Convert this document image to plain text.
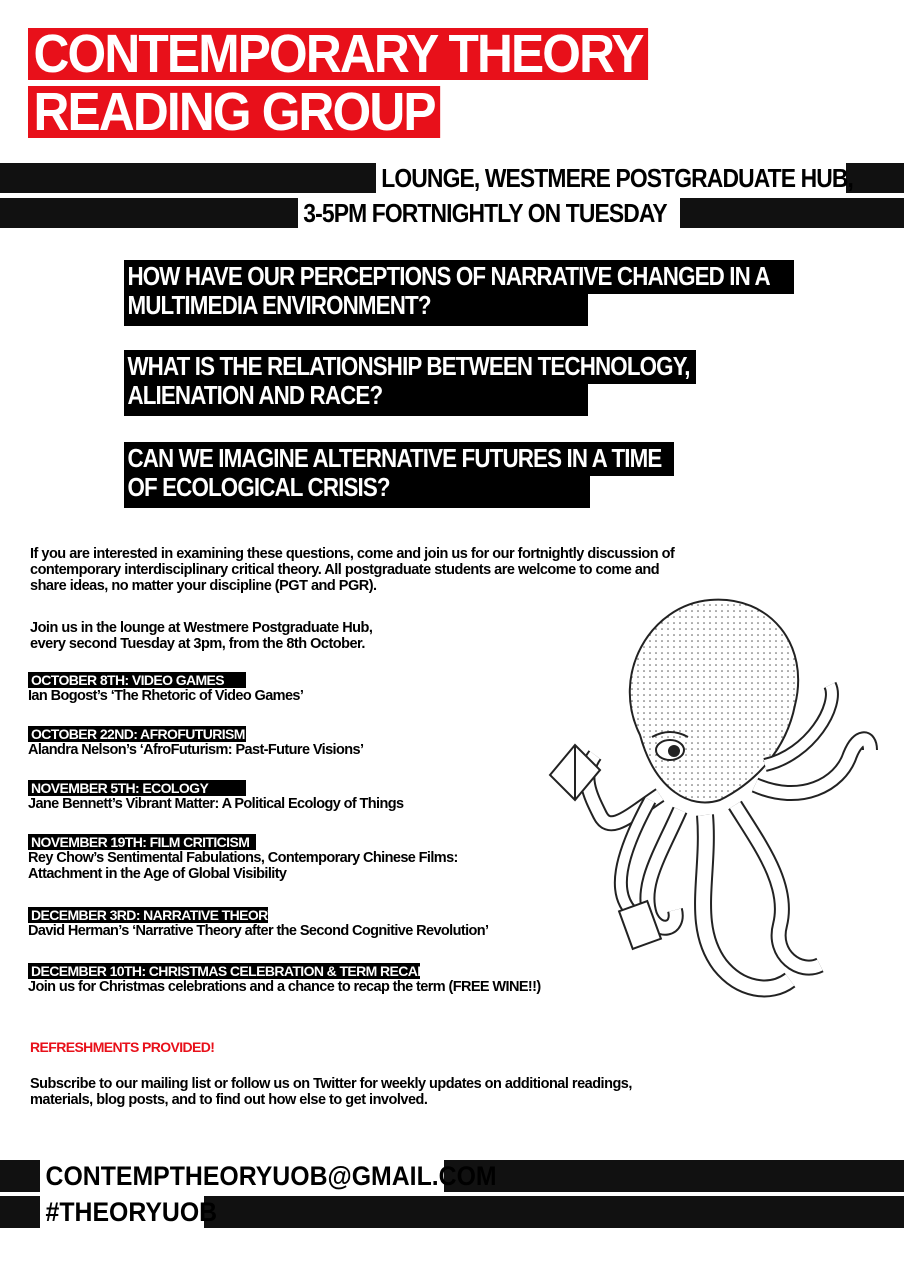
CONTEMPORARY THEORY
READING GROUP
LOUNGE, WESTMERE POSTGRADUATE HUB,
3-5PM FORTNIGHTLY ON TUESDAY
HOW HAVE OUR PERCEPTIONS OF NARRATIVE CHANGED IN A
MULTIMEDIA ENVIRONMENT?
WHAT IS THE RELATIONSHIP BETWEEN TECHNOLOGY,
ALIENATION AND RACE?
CAN WE IMAGINE ALTERNATIVE FUTURES IN A TIME
OF ECOLOGICAL CRISIS?
If you are interested in examining these questions, come and join us for our fortnightly discussion of
contemporary interdisciplinary critical theory. All postgraduate students are welcome to come and
share ideas, no matter your discipline (PGT and PGR).
Join us in the lounge at Westmere Postgraduate Hub,
every second Tuesday at 3pm, from the 8th October.
OCTOBER 8TH: VIDEO GAMES
Ian Bogost’s ‘The Rhetoric of Video Games’
OCTOBER 22ND: AFROFUTURISM
Alandra Nelson’s ‘AfroFuturism: Past-Future Visions’
NOVEMBER 5TH: ECOLOGY
Jane Bennett’s Vibrant Matter: A Political Ecology of Things
NOVEMBER 19TH: FILM CRITICISM
Rey Chow’s Sentimental Fabulations, Contemporary Chinese Films:
Attachment in the Age of Global Visibility
DECEMBER 3RD: NARRATIVE THEORY
David Herman’s ‘Narrative Theory after the Second Cognitive Revolution’
DECEMBER 10TH: CHRISTMAS CELEBRATION & TERM RECAP!
Join us for Christmas celebrations and a chance to recap the term (FREE WINE!!)
REFRESHMENTS PROVIDED!
Subscribe to our mailing list or follow us on Twitter for weekly updates on additional readings,
materials, blog posts, and to find out how else to get involved.
CONTEMPTHEORYUOB@GMAIL.COM
#THEORYUOB
